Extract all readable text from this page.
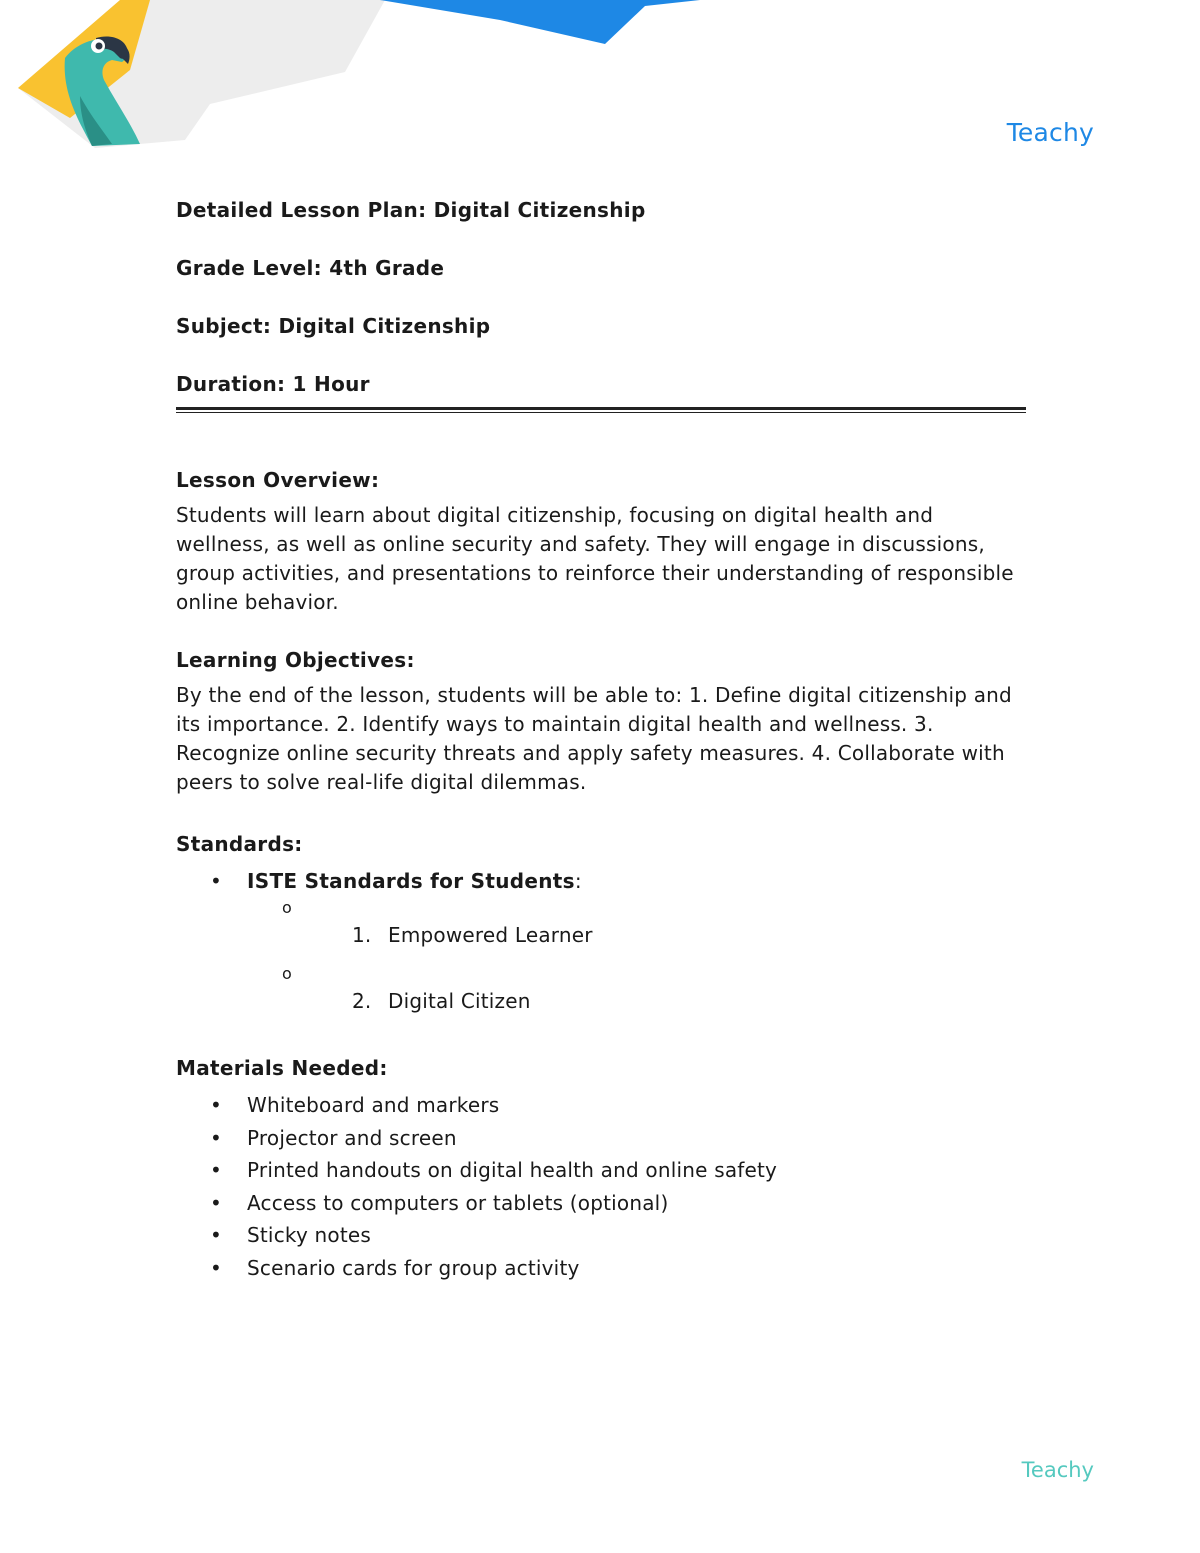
Teachy
Detailed Lesson Plan: Digital Citizenship
Grade Level: 4th Grade
Subject: Digital Citizenship
Duration: 1 Hour
Lesson Overview:
Students will learn about digital citizenship, focusing on digital health and wellness, as well as online security and safety. They will engage in discussions, group activities, and presentations to reinforce their understanding of responsible online behavior.
Learning Objectives:
By the end of the lesson, students will be able to: 1. Define digital citizenship and its importance. 2. Identify ways to maintain digital health and wellness. 3. Recognize online security threats and apply safety measures. 4. Collaborate with peers to solve real-life digital dilemmas.
Standards:
• ISTE Standards for Students:
o
1. Empowered Learner
o
2. Digital Citizen
Materials Needed:
• Whiteboard and markers
• Projector and screen
• Printed handouts on digital health and online safety
• Access to computers or tablets (optional)
• Sticky notes
• Scenario cards for group activity
Teachy
